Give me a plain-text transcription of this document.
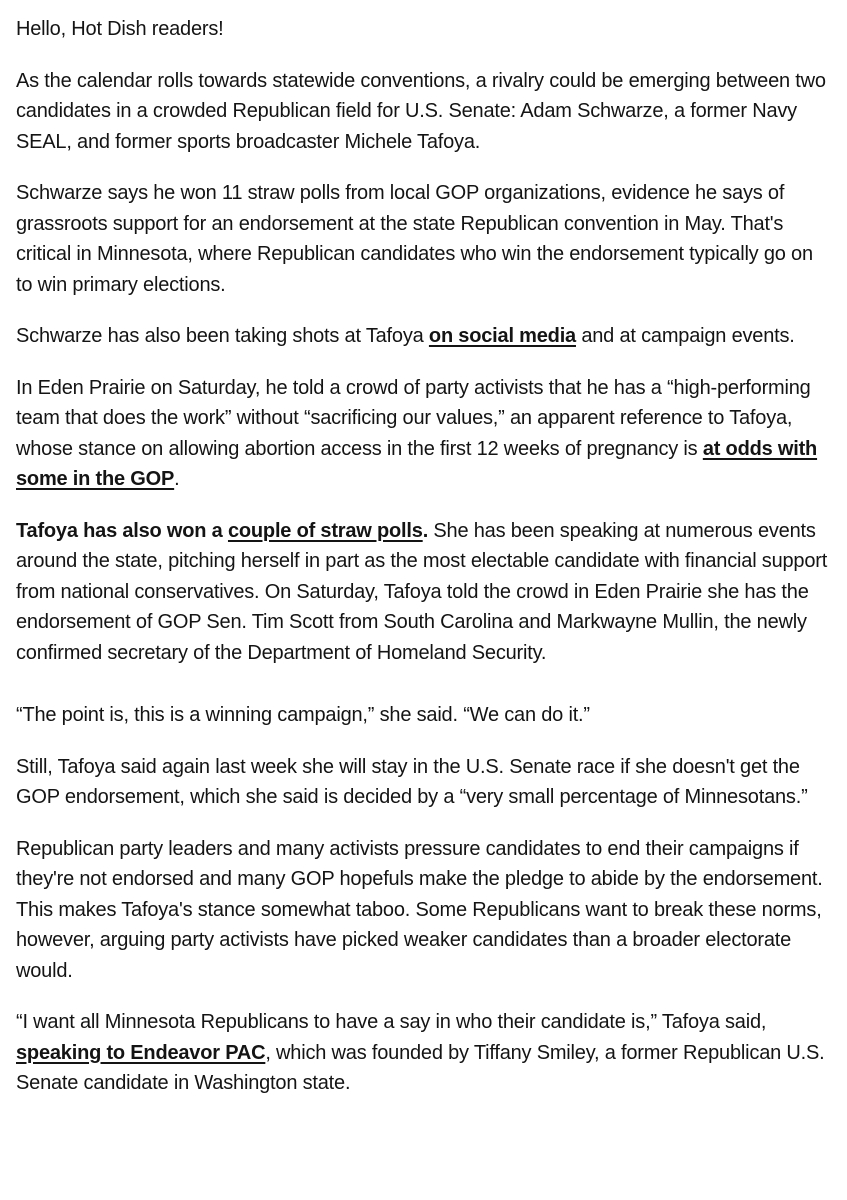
Hello, Hot Dish readers!

As the calendar rolls towards statewide conventions, a rivalry could be emerging between two candidates in a crowded Republican field for U.S. Senate: Adam Schwarze, a former Navy SEAL, and former sports broadcaster Michele Tafoya.

Schwarze says he won 11 straw polls from local GOP organizations, evidence he says of grassroots support for an endorsement at the state Republican convention in May. That's critical in Minnesota, where Republican candidates who win the endorsement typically go on to win primary elections.

Schwarze has also been taking shots at Tafoya on social media and at campaign events.

In Eden Prairie on Saturday, he told a crowd of party activists that he has a “high-performing team that does the work” without “sacrificing our values,” an apparent reference to Tafoya, whose stance on allowing abortion access in the first 12 weeks of pregnancy is at odds with some in the GOP.

Tafoya has also won a couple of straw polls. She has been speaking at numerous events around the state, pitching herself in part as the most electable candidate with financial support from national conservatives. On Saturday, Tafoya told the crowd in Eden Prairie she has the endorsement of GOP Sen. Tim Scott from South Carolina and Markwayne Mullin, the newly confirmed secretary of the Department of Homeland Security.

“The point is, this is a winning campaign,” she said. “We can do it.”

Still, Tafoya said again last week she will stay in the U.S. Senate race if she doesn't get the GOP endorsement, which she said is decided by a “very small percentage of Minnesotans.”

Republican party leaders and many activists pressure candidates to end their campaigns if they're not endorsed and many GOP hopefuls make the pledge to abide by the endorsement. This makes Tafoya's stance somewhat taboo. Some Republicans want to break these norms, however, arguing party activists have picked weaker candidates than a broader electorate would.

“I want all Minnesota Republicans to have a say in who their candidate is,” Tafoya said, speaking to Endeavor PAC, which was founded by Tiffany Smiley, a former Republican U.S. Senate candidate in Washington state.
